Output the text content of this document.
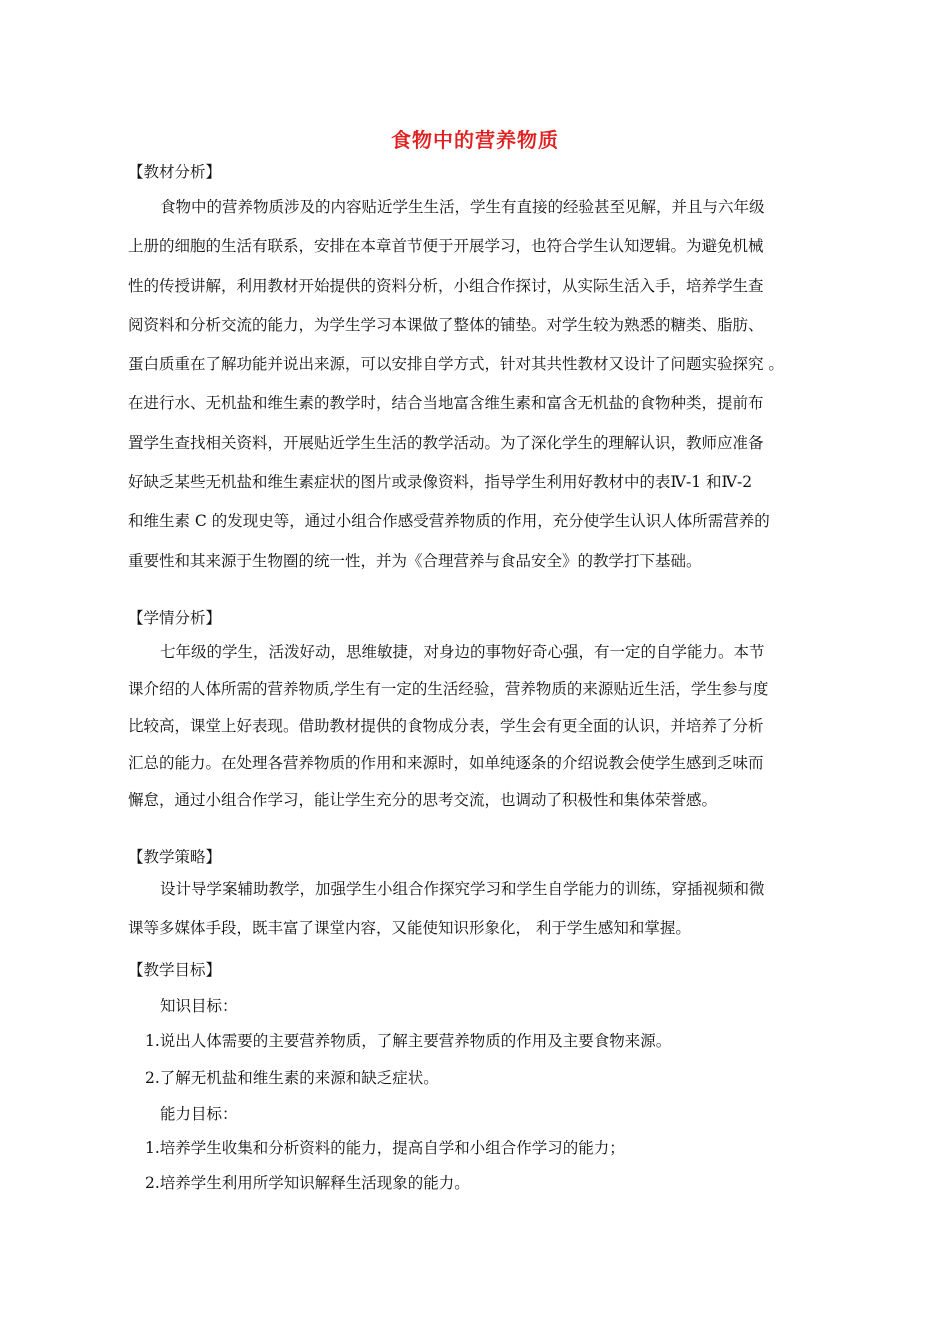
食物中的营养物质
【教材分析】
食物中的营养物质涉及的内容贴近学生生活，学生有直接的经验甚至见解，并且与六年级
上册的细胞的生活有联系，安排在本章首节便于开展学习，也符合学生认知逻辑。为避免机械
性的传授讲解，利用教材开始提供的资料分析，小组合作探讨，从实际生活入手，培养学生查
阅资料和分析交流的能力，为学生学习本课做了整体的铺垫。对学生较为熟悉的糖类、脂肪、
蛋白质重在了解功能并说出来源，可以安排自学方式，针对其共性教材又设计了问题实验探究 。
在进行水、无机盐和维生素的教学时，结合当地富含维生素和富含无机盐的食物种类，提前布
置学生查找相关资料，开展贴近学生生活的教学活动。为了深化学生的理解认识，教师应准备
好缺乏某些无机盐和维生素症状的图片或录像资料，指导学生利用好教材中的表Ⅳ-1 和Ⅳ-2
和维生素 C 的发现史等，通过小组合作感受营养物质的作用，充分使学生认识人体所需营养的
重要性和其来源于生物圈的统一性，并为《合理营养与食品安全》的教学打下基础。
【学情分析】
七年级的学生，活泼好动，思维敏捷，对身边的事物好奇心强，有一定的自学能力。本节
课介绍的人体所需的营养物质,学生有一定的生活经验，营养物质的来源贴近生活，学生参与度
比较高，课堂上好表现。借助教材提供的食物成分表，学生会有更全面的认识，并培养了分析
汇总的能力。在处理各营养物质的作用和来源时，如单纯逐条的介绍说教会使学生感到乏味而
懈怠，通过小组合作学习，能让学生充分的思考交流，也调动了积极性和集体荣誉感。
【教学策略】
设计导学案辅助教学，加强学生小组合作探究学习和学生自学能力的训练，穿插视频和微
课等多媒体手段，既丰富了课堂内容，又能使知识形象化， 利于学生感知和掌握。
【教学目标】
知识目标：
1.说出人体需要的主要营养物质，了解主要营养物质的作用及主要食物来源。
2.了解无机盐和维生素的来源和缺乏症状。
能力目标：
1.培养学生收集和分析资料的能力，提高自学和小组合作学习的能力；
2.培养学生利用所学知识解释生活现象的能力。
